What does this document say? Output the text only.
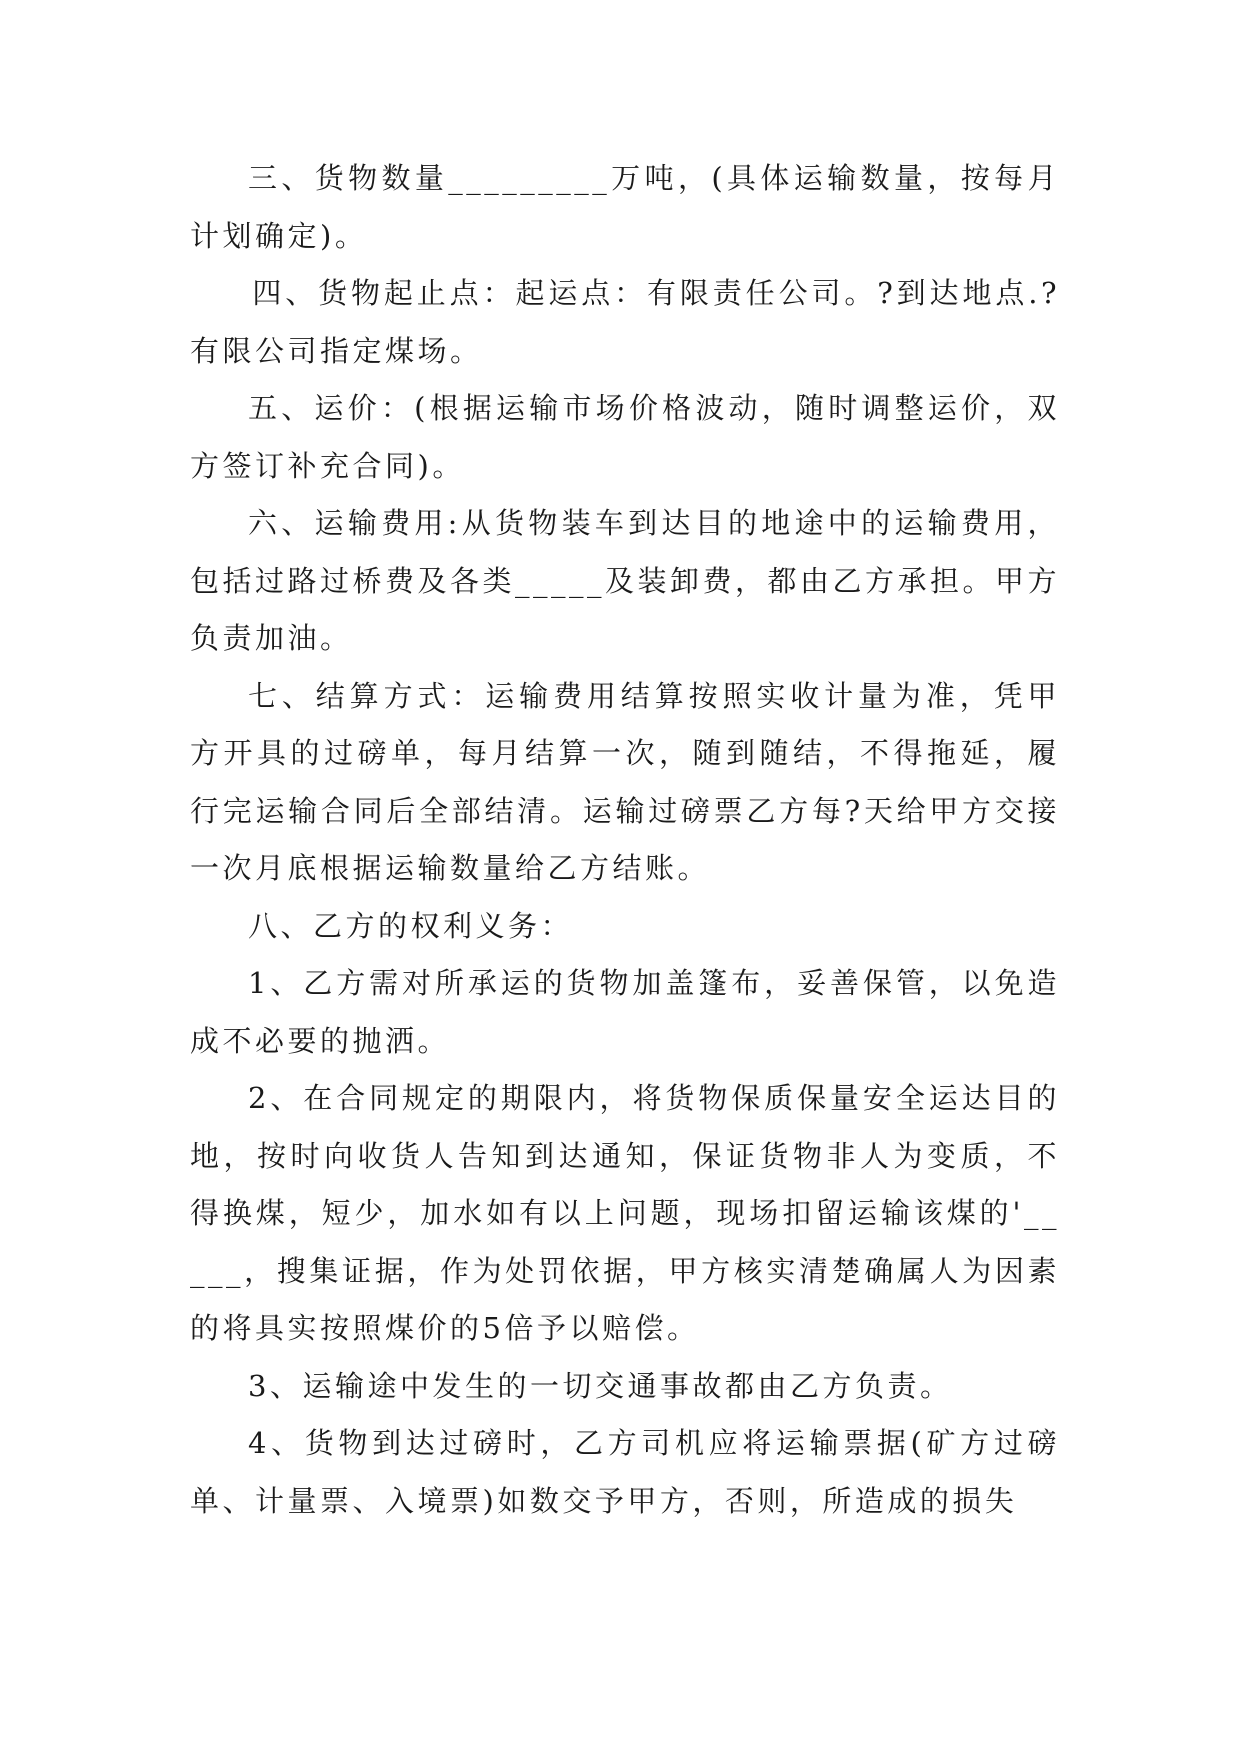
三、货物数量_________万吨，(具体运输数量，按每月计划确定)。

四、货物起止点：起运点：有限责任公司。?到达地点.?有限公司指定煤场。

五、运价：(根据运输市场价格波动，随时调整运价，双方签订补充合同)。

六、运输费用:从货物装车到达目的地途中的运输费用，包括过路过桥费及各类_____及装卸费，都由乙方承担。甲方负责加油。

七、结算方式：运输费用结算按照实收计量为准，凭甲方开具的过磅单，每月结算一次，随到随结，不得拖延，履行完运输合同后全部结清。运输过磅票乙方每?天给甲方交接一次月底根据运输数量给乙方结账。

八、乙方的权利义务：

1、乙方需对所承运的货物加盖篷布，妥善保管，以免造成不必要的抛洒。

2、在合同规定的期限内，将货物保质保量安全运达目的地，按时向收货人告知到达通知，保证货物非人为变质，不得换煤，短少，加水如有以上问题，现场扣留运输该煤的'_____，搜集证据，作为处罚依据，甲方核实清楚确属人为因素的将具实按照煤价的5倍予以赔偿。

3、运输途中发生的一切交通事故都由乙方负责。

4、货物到达过磅时，乙方司机应将运输票据(矿方过磅单、计量票、入境票)如数交予甲方，否则，所造成的损失
